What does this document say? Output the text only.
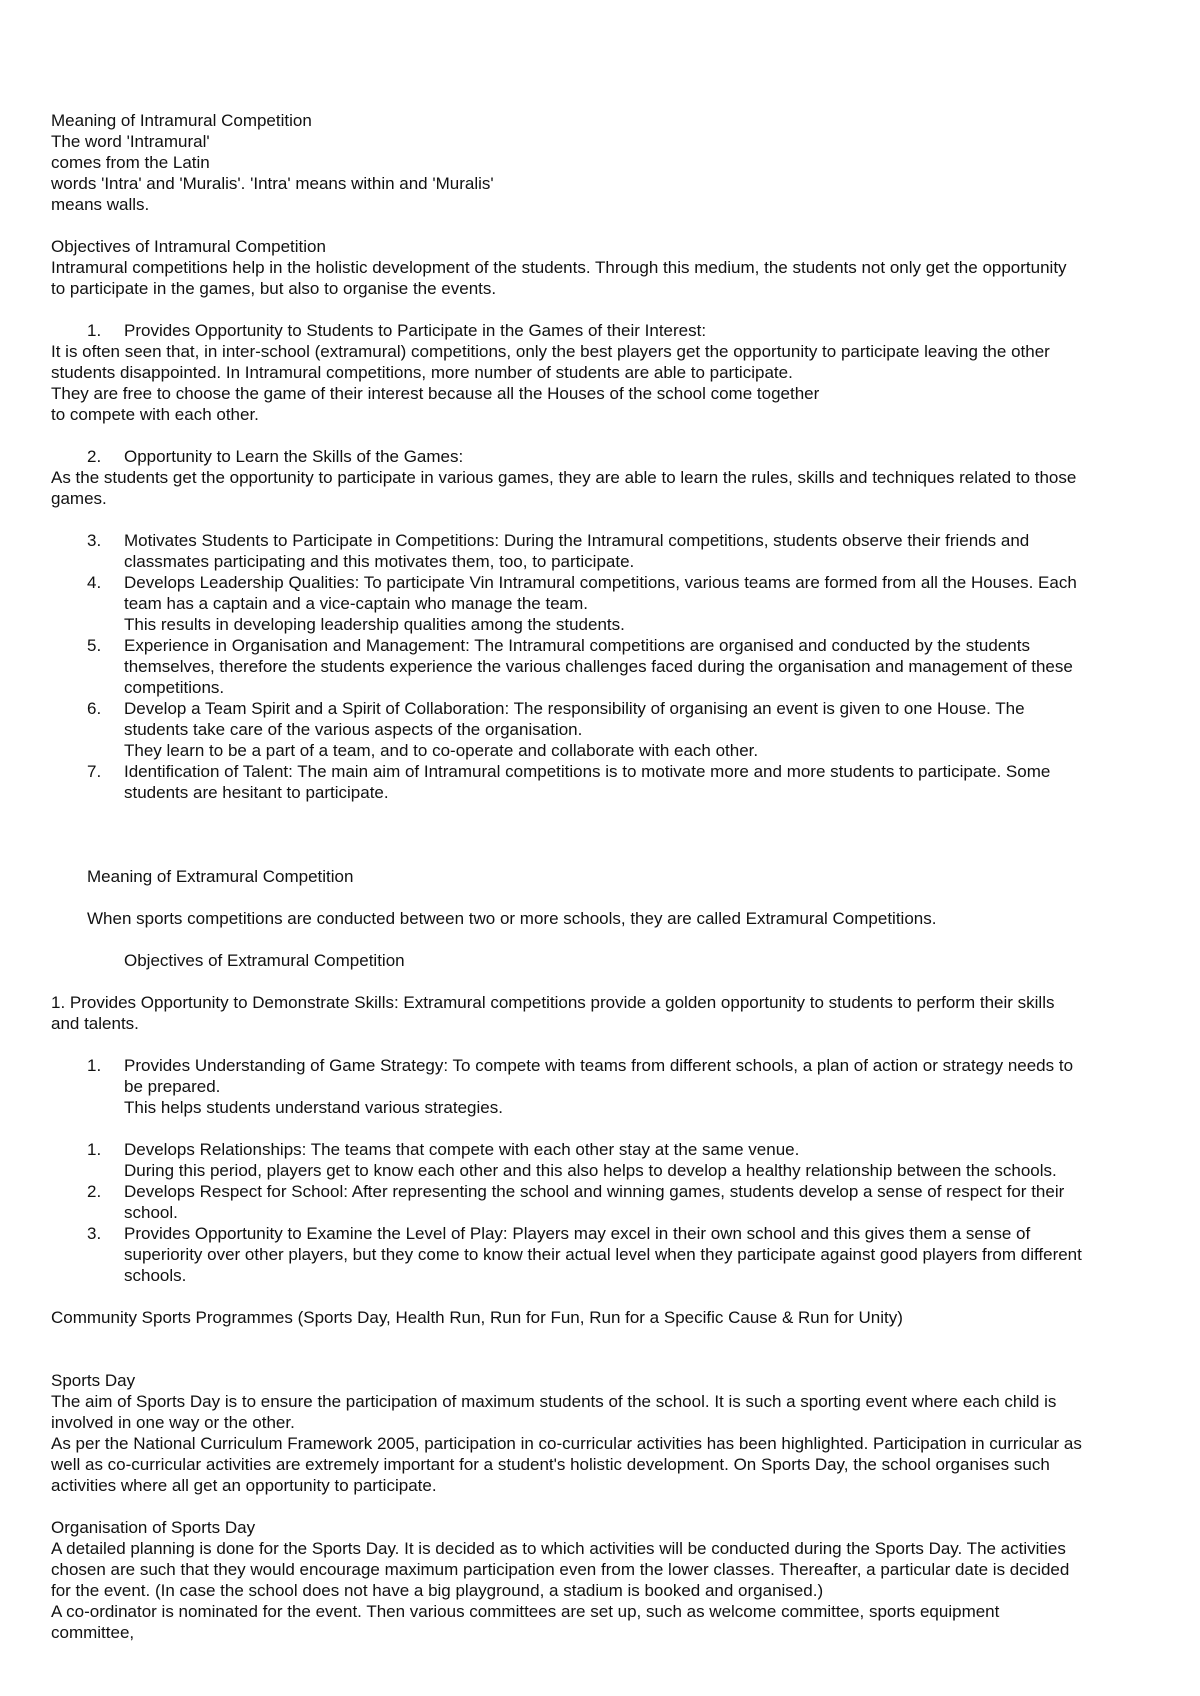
Meaning of Intramural Competition

The word 'Intramural'

comes from the Latin

words 'Intra' and 'Muralis'. 'Intra' means within and 'Muralis'

means walls.

Objectives of Intramural Competition

Intramural competitions help in the holistic development of the students. Through this medium, the students not only get the opportunity

to participate in the games, but also to organise the events.

1. Provides Opportunity to Students to Participate in the Games of their Interest:

It is often seen that, in inter-school (extramural) competitions, only the best players get the opportunity to participate leaving the other

students disappointed. In Intramural competitions, more number of students are able to participate.

They are free to choose the game of their interest because all the Houses of the school come together

to compete with each other.

2. Opportunity to Learn the Skills of the Games:

As the students get the opportunity to participate in various games, they are able to learn the rules, skills and techniques related to those

games.

3. Motivates Students to Participate in Competitions: During the Intramural competitions, students observe their friends and

classmates participating and this motivates them, too, to participate.

4. Develops Leadership Qualities: To participate Vin Intramural competitions, various teams are formed from all the Houses. Each

team has a captain and a vice-captain who manage the team.

This results in developing leadership qualities among the students.

5. Experience in Organisation and Management: The Intramural competitions are organised and conducted by the students

themselves, therefore the students experience the various challenges faced during the organisation and management of these

competitions.

6. Develop a Team Spirit and a Spirit of Collaboration: The responsibility of organising an event is given to one House. The

students take care of the various aspects of the organisation.

They learn to be a part of a team, and to co-operate and collaborate with each other.

7. Identification of Talent: The main aim of Intramural competitions is to motivate more and more students to participate. Some

students are hesitant to participate.

Meaning of Extramural Competition

When sports competitions are conducted between two or more schools, they are called Extramural Competitions.

Objectives of Extramural Competition

1. Provides Opportunity to Demonstrate Skills: Extramural competitions provide a golden opportunity to students to perform their skills

and talents.

1. Provides Understanding of Game Strategy: To compete with teams from different schools, a plan of action or strategy needs to

be prepared.

This helps students understand various strategies.

1. Develops Relationships: The teams that compete with each other stay at the same venue.

During this period, players get to know each other and this also helps to develop a healthy relationship between the schools.

2. Develops Respect for School: After representing the school and winning games, students develop a sense of respect for their

school.

3. Provides Opportunity to Examine the Level of Play: Players may excel in their own school and this gives them a sense of

superiority over other players, but they come to know their actual level when they participate against good players from different

schools.

Community Sports Programmes (Sports Day, Health Run, Run for Fun, Run for a Specific Cause & Run for Unity)

Sports Day

The aim of Sports Day is to ensure the participation of maximum students of the school. It is such a sporting event where each child is

involved in one way or the other.

As per the National Curriculum Framework 2005, participation in co-curricular activities has been highlighted. Participation in curricular as

well as co-curricular activities are extremely important for a student's holistic development. On Sports Day, the school organises such

activities where all get an opportunity to participate.

Organisation of Sports Day

A detailed planning is done for the Sports Day. It is decided as to which activities will be conducted during the Sports Day. The activities

chosen are such that they would encourage maximum participation even from the lower classes. Thereafter, a particular date is decided

for the event. (In case the school does not have a big playground, a stadium is booked and organised.)

A co-ordinator is nominated for the event. Then various committees are set up, such as welcome committee, sports equipment

committee,
